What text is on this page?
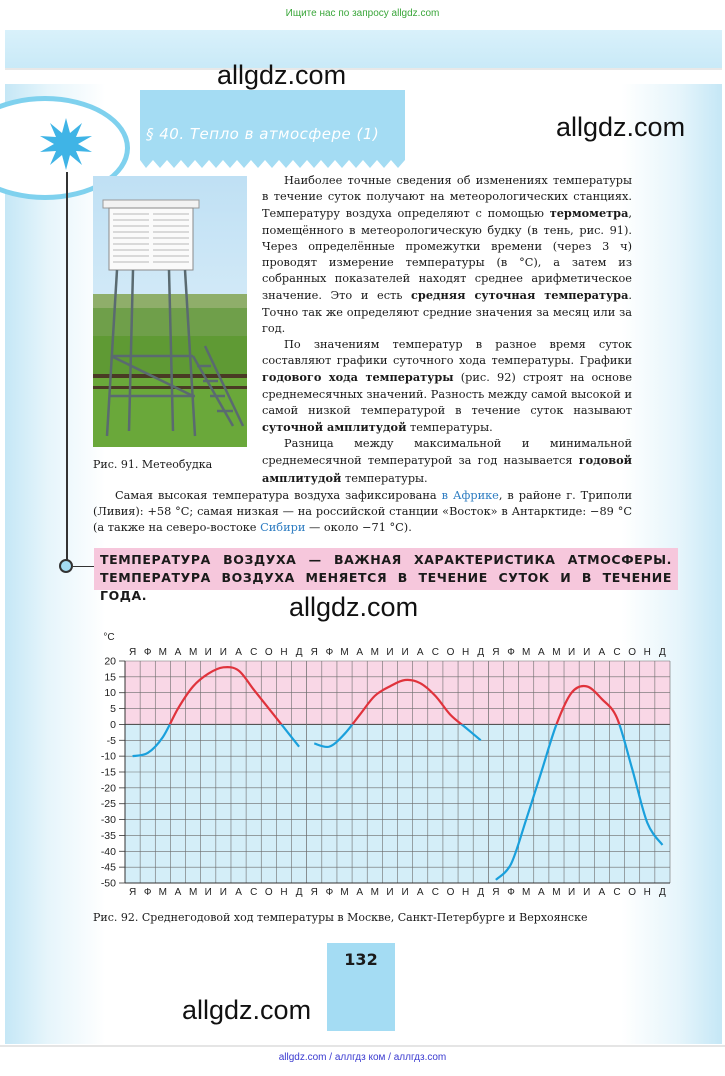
Ищите нас по запросу allgdz.com
§ 40. Тепло в атмосфере (1)
Рис. 91. Метеобудка

Наиболее точные сведения об изменениях температуры в течение суток получают на метеорологических станциях. Температуру воздуха определяют с помощью термометра, помещённого в метеорологическую будку (в тень, рис. 91). Через определённые промежутки времени (через 3 ч) проводят измерение температуры (в °С), а затем из собранных показателей находят среднее арифметическое значение. Это и есть средняя суточная температура. Точно так же определяют средние значения за месяц или за год.

По значениям температур в разное время суток составляют графики суточного хода температуры. Графики годового хода температуры (рис. 92) строят на основе среднемесячных значений. Разность между самой высокой и самой низкой температурой в течение суток называют суточной амплитудой температуры.

Разница между максимальной и минимальной среднемесячной температурой за год называется годовой амплитудой температуры.

Самая высокая температура воздуха зафиксирована в Африке, в районе г. Триполи (Ливия): +58 °С; самая низкая — на российской станции «Восток» в Антарктиде: −89 °С (а также на северо-востоке Сибири — около −71 °С).

ТЕМПЕРАТУРА ВОЗДУХА — ВАЖНАЯ ХАРАКТЕРИСТИКА АТМОСФЕРЫ.
ТЕМПЕРАТУРА ВОЗДУХА МЕНЯЕТСЯ В ТЕЧЕНИЕ СУТОК И В ТЕЧЕНИЕ ГОДА.
20
15
10
5
0
-5
-10
-15
-20
-25
-30
-35
-40
-45
-50
°С
Я
Я
Ф
Ф
М
М
А
А
М
М
И
И
И
И
А
А
С
С
О
О
Н
Н
Д
Д
Я
Я
Ф
Ф
М
М
А
А
М
М
И
И
И
И
А
А
С
С
О
О
Н
Н
Д
Д
Я
Я
Ф
Ф
М
М
А
А
М
М
И
И
И
И
А
А
С
С
О
О
Н
Н
Д
Д
Рис. 92. Среднегодовой ход температуры в Москве, Санкт-Петербурге и Верхоянске
132
allgdz.com
allgdz.com
allgdz.com
allgdz.com
allgdz.com / аллгдз ком / аллгдз.com
